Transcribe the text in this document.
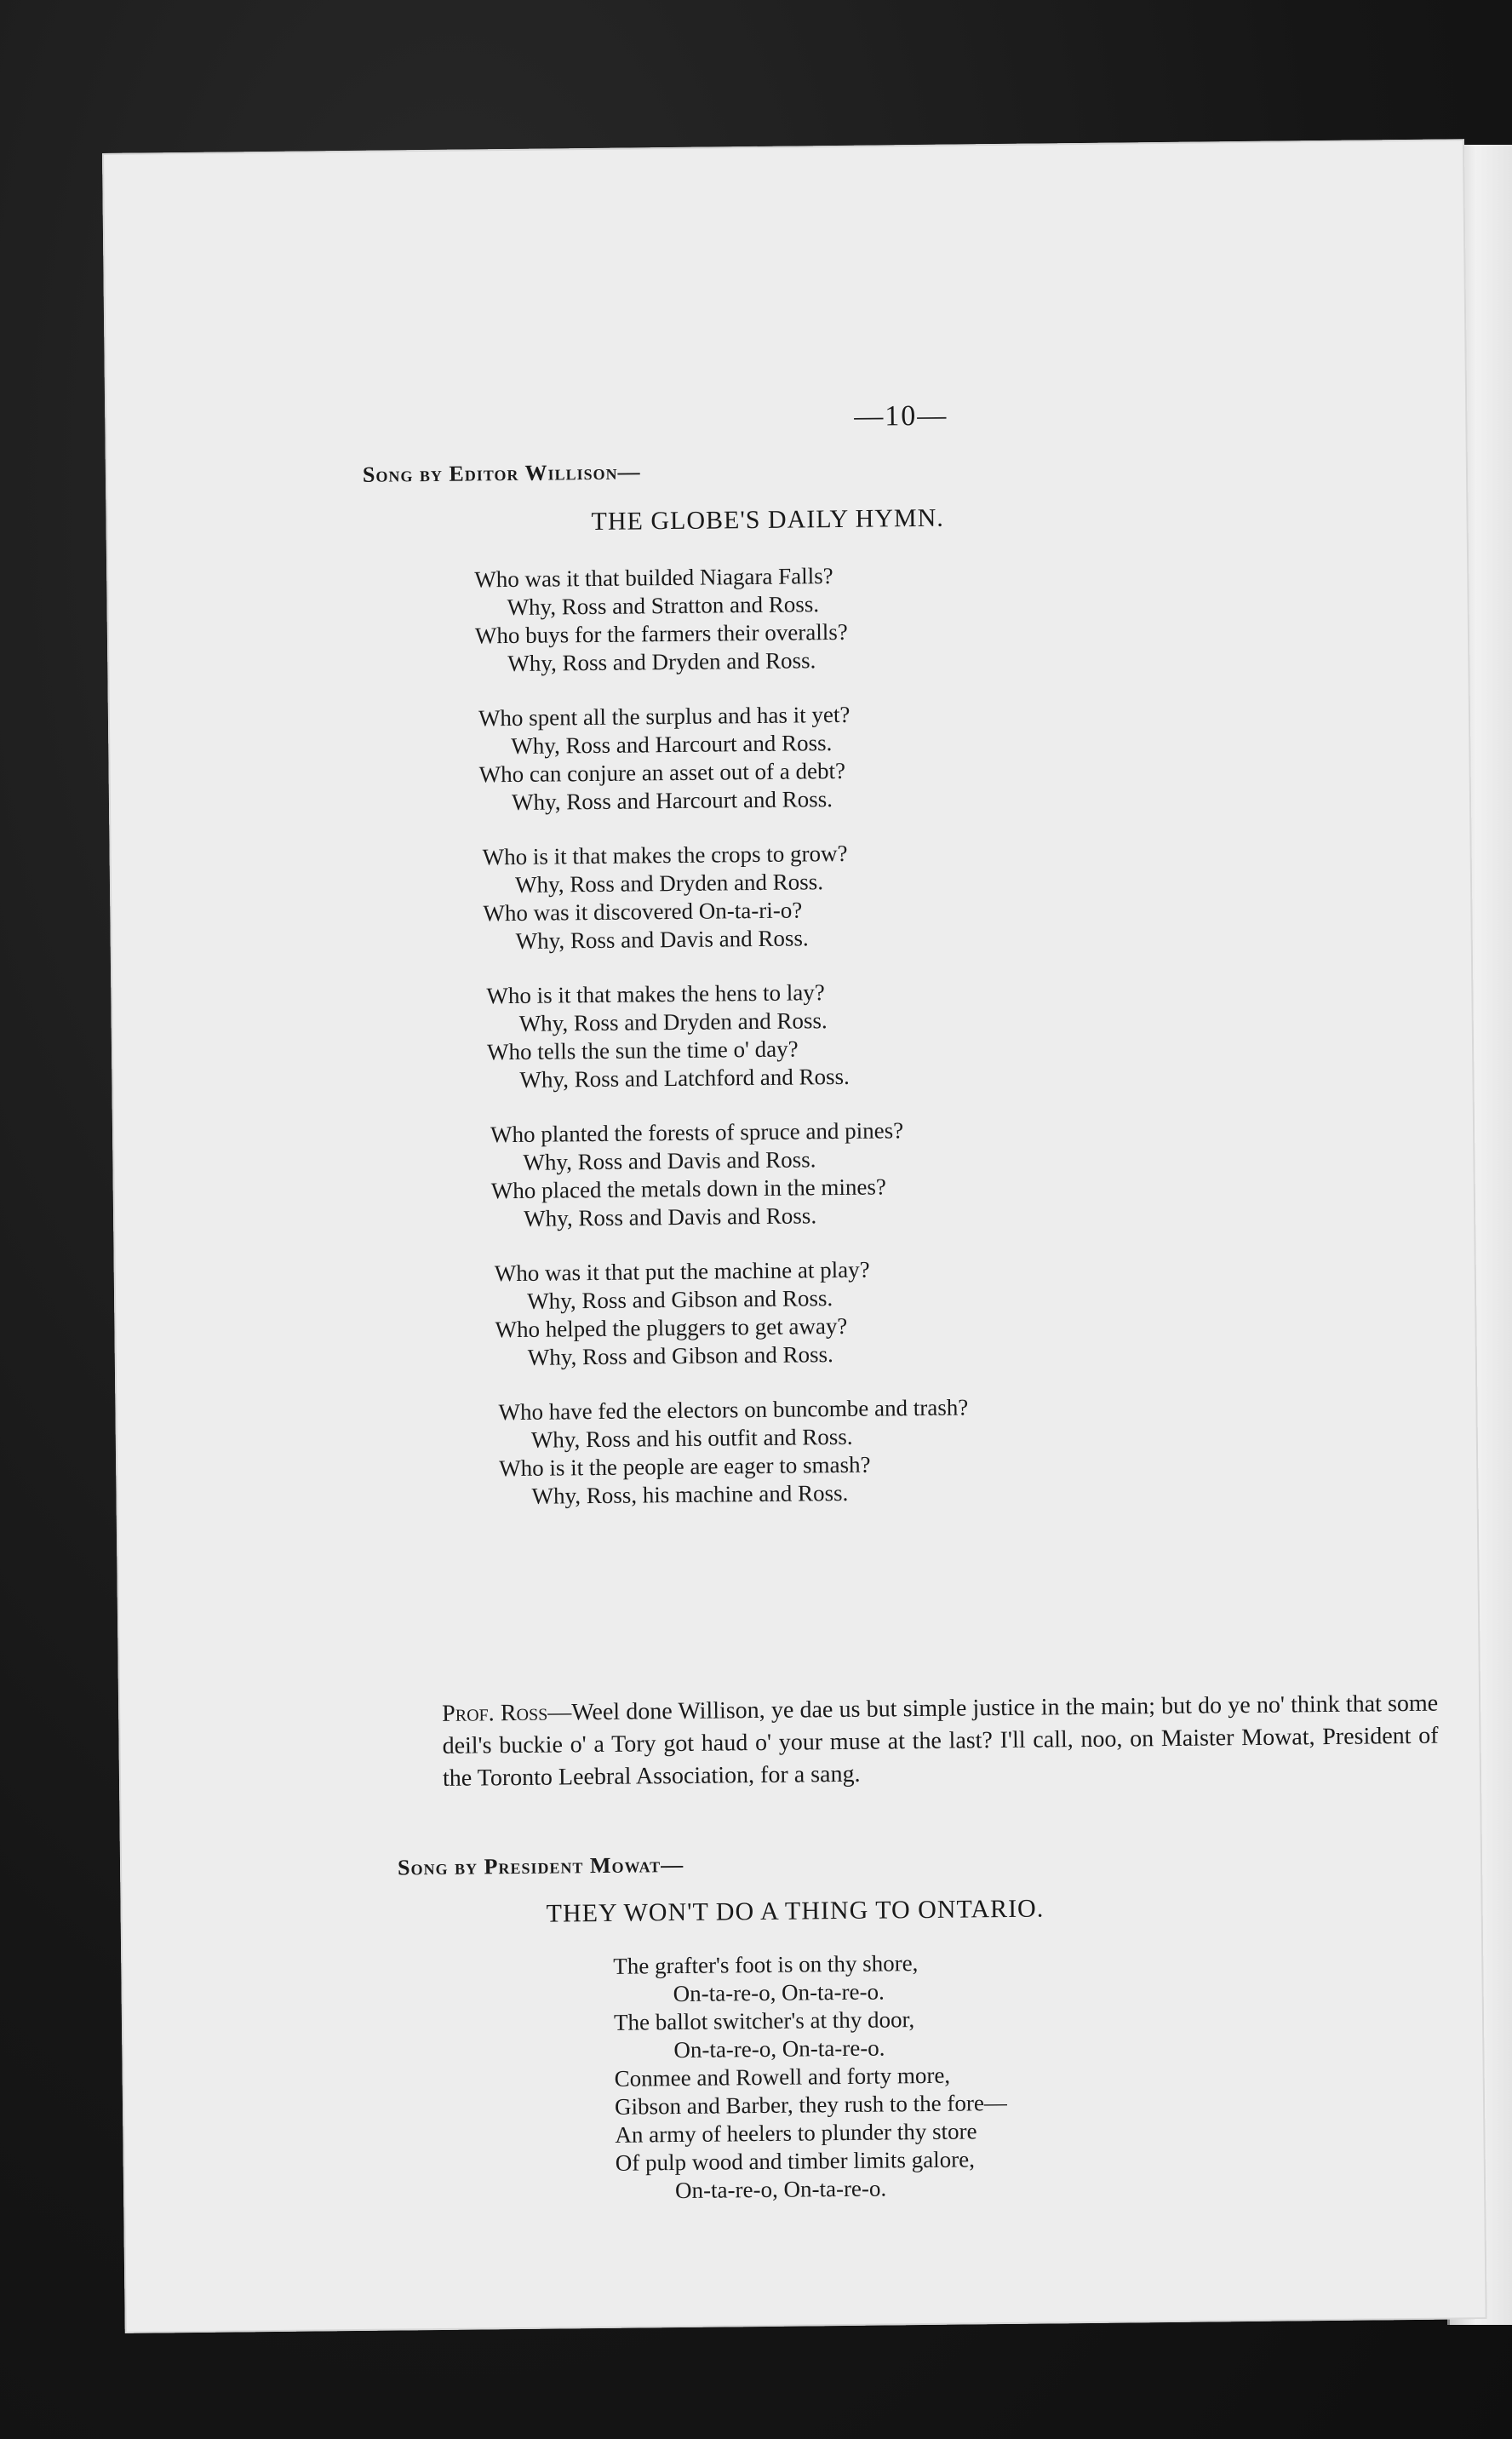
—10—
Song by Editor Willison—
THE GLOBE'S DAILY HYMN.
Who was it that builded Niagara Falls?
Why, Ross and Stratton and Ross.
Who buys for the farmers their overalls?
Why, Ross and Dryden and Ross.
Who spent all the surplus and has it yet?
Why, Ross and Harcourt and Ross.
Who can conjure an asset out of a debt?
Why, Ross and Harcourt and Ross.
Who is it that makes the crops to grow?
Why, Ross and Dryden and Ross.
Who was it discovered On-ta-ri-o?
Why, Ross and Davis and Ross.
Who is it that makes the hens to lay?
Why, Ross and Dryden and Ross.
Who tells the sun the time o' day?
Why, Ross and Latchford and Ross.
Who planted the forests of spruce and pines?
Why, Ross and Davis and Ross.
Who placed the metals down in the mines?
Why, Ross and Davis and Ross.
Who was it that put the machine at play?
Why, Ross and Gibson and Ross.
Who helped the pluggers to get away?
Why, Ross and Gibson and Ross.
Who have fed the electors on buncombe and trash?
Why, Ross and his outfit and Ross.
Who is it the people are eager to smash?
Why, Ross, his machine and Ross.
Prof. Ross—Weel done Willison, ye dae us but simple justice in the main; but do ye no' think that some deil's buckie o' a Tory got haud o' your muse at the last? I'll call, noo, on Maister Mowat, President of the Toronto Leebral Association, for a sang.
Song by President Mowat—
THEY WON'T DO A THING TO ONTARIO.
The grafter's foot is on thy shore,
On-ta-re-o, On-ta-re-o.
The ballot switcher's at thy door,
On-ta-re-o, On-ta-re-o.
Conmee and Rowell and forty more,
Gibson and Barber, they rush to the fore—
An army of heelers to plunder thy store
Of pulp wood and timber limits galore,
On-ta-re-o, On-ta-re-o.
